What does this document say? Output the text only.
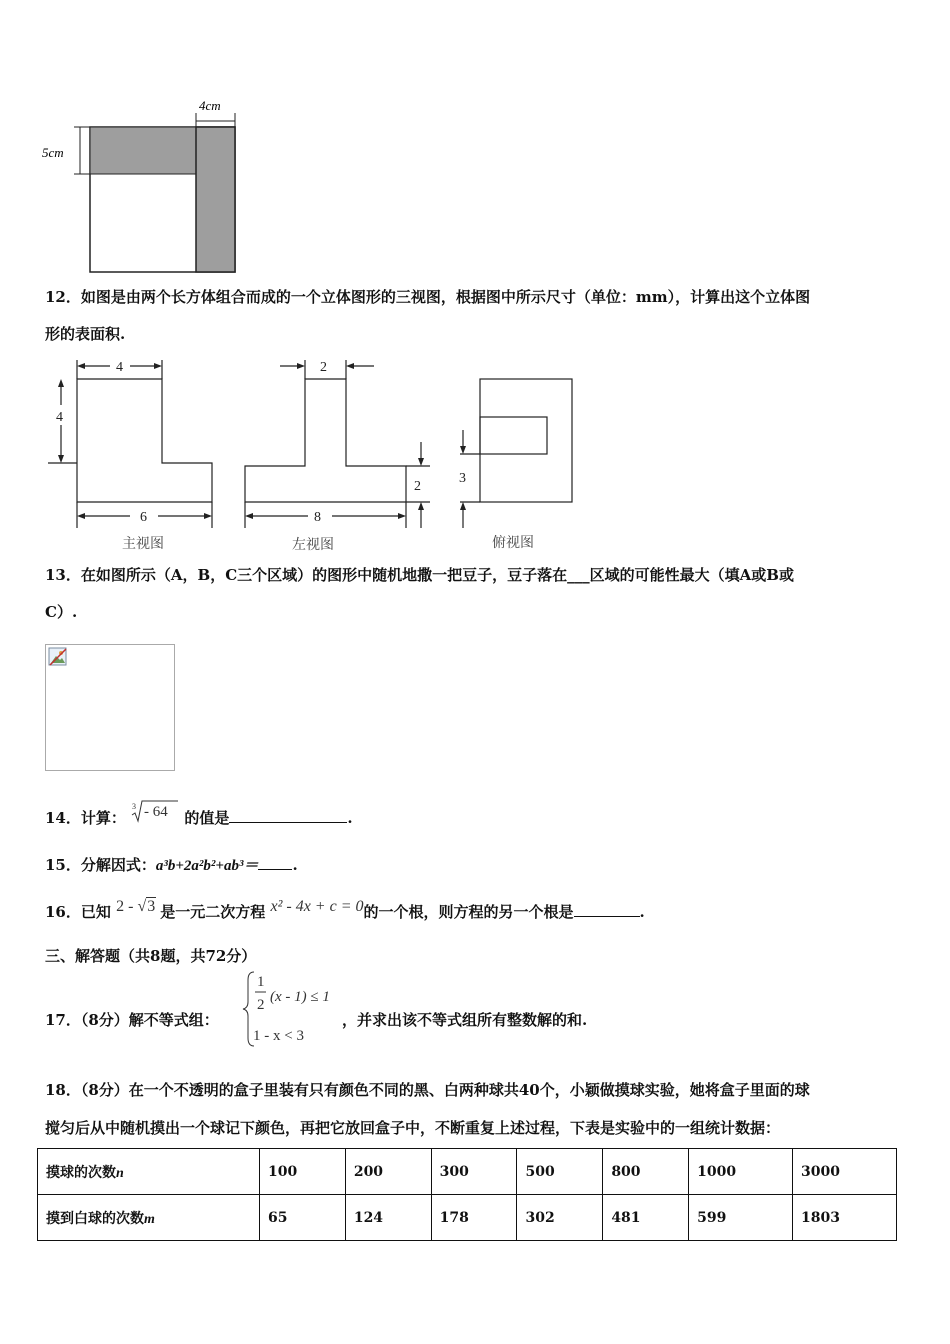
4cm
5cm
12．如图是由两个长方体组合而成的一个立体图形的三视图，根据图中所示尺寸（单位：mm），计算出这个立体图
形的表面积.
4
4
6
2
2
8
3
主视图	左视图	俯视图
13．在如图所示（A，B，C三个区域）的图形中随机地撒一把豆子，豆子落在___区域的可能性最大（填A或B或
C）.
14．计算：
3 - 64 的值是	.
15．分解因式：a³b+2a²b²+ab³＝ .
16．已知 2 - √3 是一元二次方程 x² - 4x + c = 0的一个根，则方程的另一个根是	.
三、解答题（共8题，共72分）
17．（8分）解不等式组：
1
2 (x - 1) ≤ 1
1 - x < 3
，并求出该不等式组所有整数解的和.
18．（8分）在一个不透明的盒子里装有只有颜色不同的黑、白两种球共40个，小颖做摸球实验，她将盒子里面的球
搅匀后从中随机摸出一个球记下颜色，再把它放回盒子中，不断重复上述过程，下表是实验中的一组统计数据：
摸球的次数n	100	200	300	500	800	1000	3000
摸到白球的次数m	65	124	178	302	481	599	1803
